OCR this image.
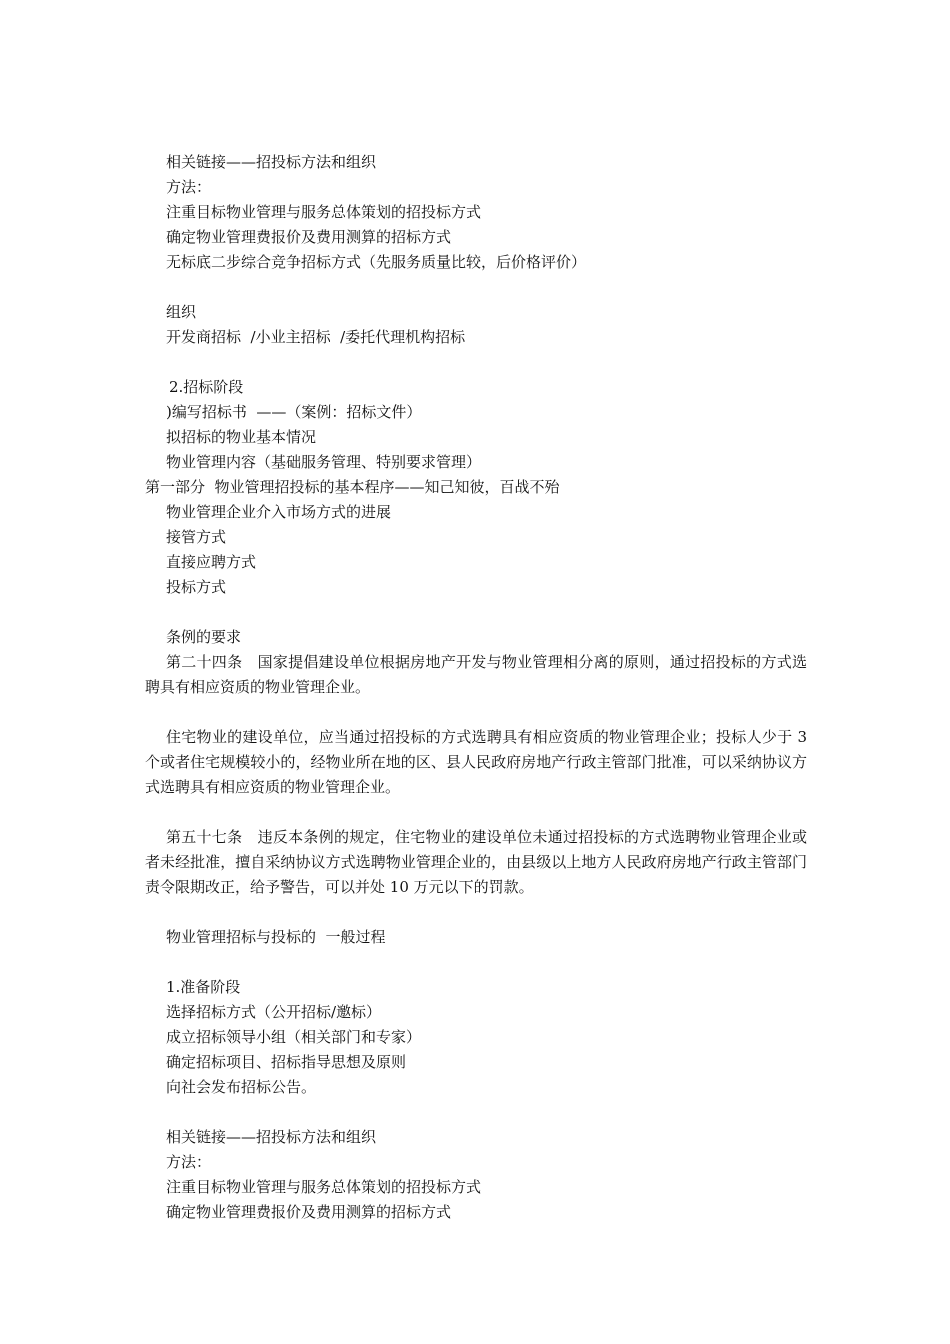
相关链接——招投标方法和组织
方法：
注重目标物业管理与服务总体策划的招投标方式
确定物业管理费报价及费用测算的招标方式
无标底二步综合竞争招标方式（先服务质量比较，后价格评价）
组织
开发商招标  /小业主招标  /委托代理机构招标
2.招标阶段
)编写招标书  ——（案例：招标文件）
拟招标的物业基本情况
物业管理内容（基础服务管理、特别要求管理）
第一部分  物业管理招投标的基本程序——知己知彼，百战不殆
物业管理企业介入市场方式的进展
接管方式
直接应聘方式
投标方式
条例的要求

第二十四条　国家提倡建设单位根据房地产开发与物业管理相分离的原则，通过招投标的方式选聘具有相应资质的物业管理企业。

住宅物业的建设单位，应当通过招投标的方式选聘具有相应资质的物业管理企业；投标人少于 3 个或者住宅规模较小的，经物业所在地的区、县人民政府房地产行政主管部门批准，可以采纳协议方式选聘具有相应资质的物业管理企业。

第五十七条　违反本条例的规定，住宅物业的建设单位未通过招投标的方式选聘物业管理企业或者未经批准，擅自采纳协议方式选聘物业管理企业的，由县级以上地方人民政府房地产行政主管部门责令限期改正，给予警告，可以并处 10 万元以下的罚款。

物业管理招标与投标的  一般过程
1.准备阶段
选择招标方式（公开招标/邀标）
成立招标领导小组（相关部门和专家）
确定招标项目、招标指导思想及原则
向社会发布招标公告。
相关链接——招投标方法和组织
方法：
注重目标物业管理与服务总体策划的招投标方式
确定物业管理费报价及费用测算的招标方式
